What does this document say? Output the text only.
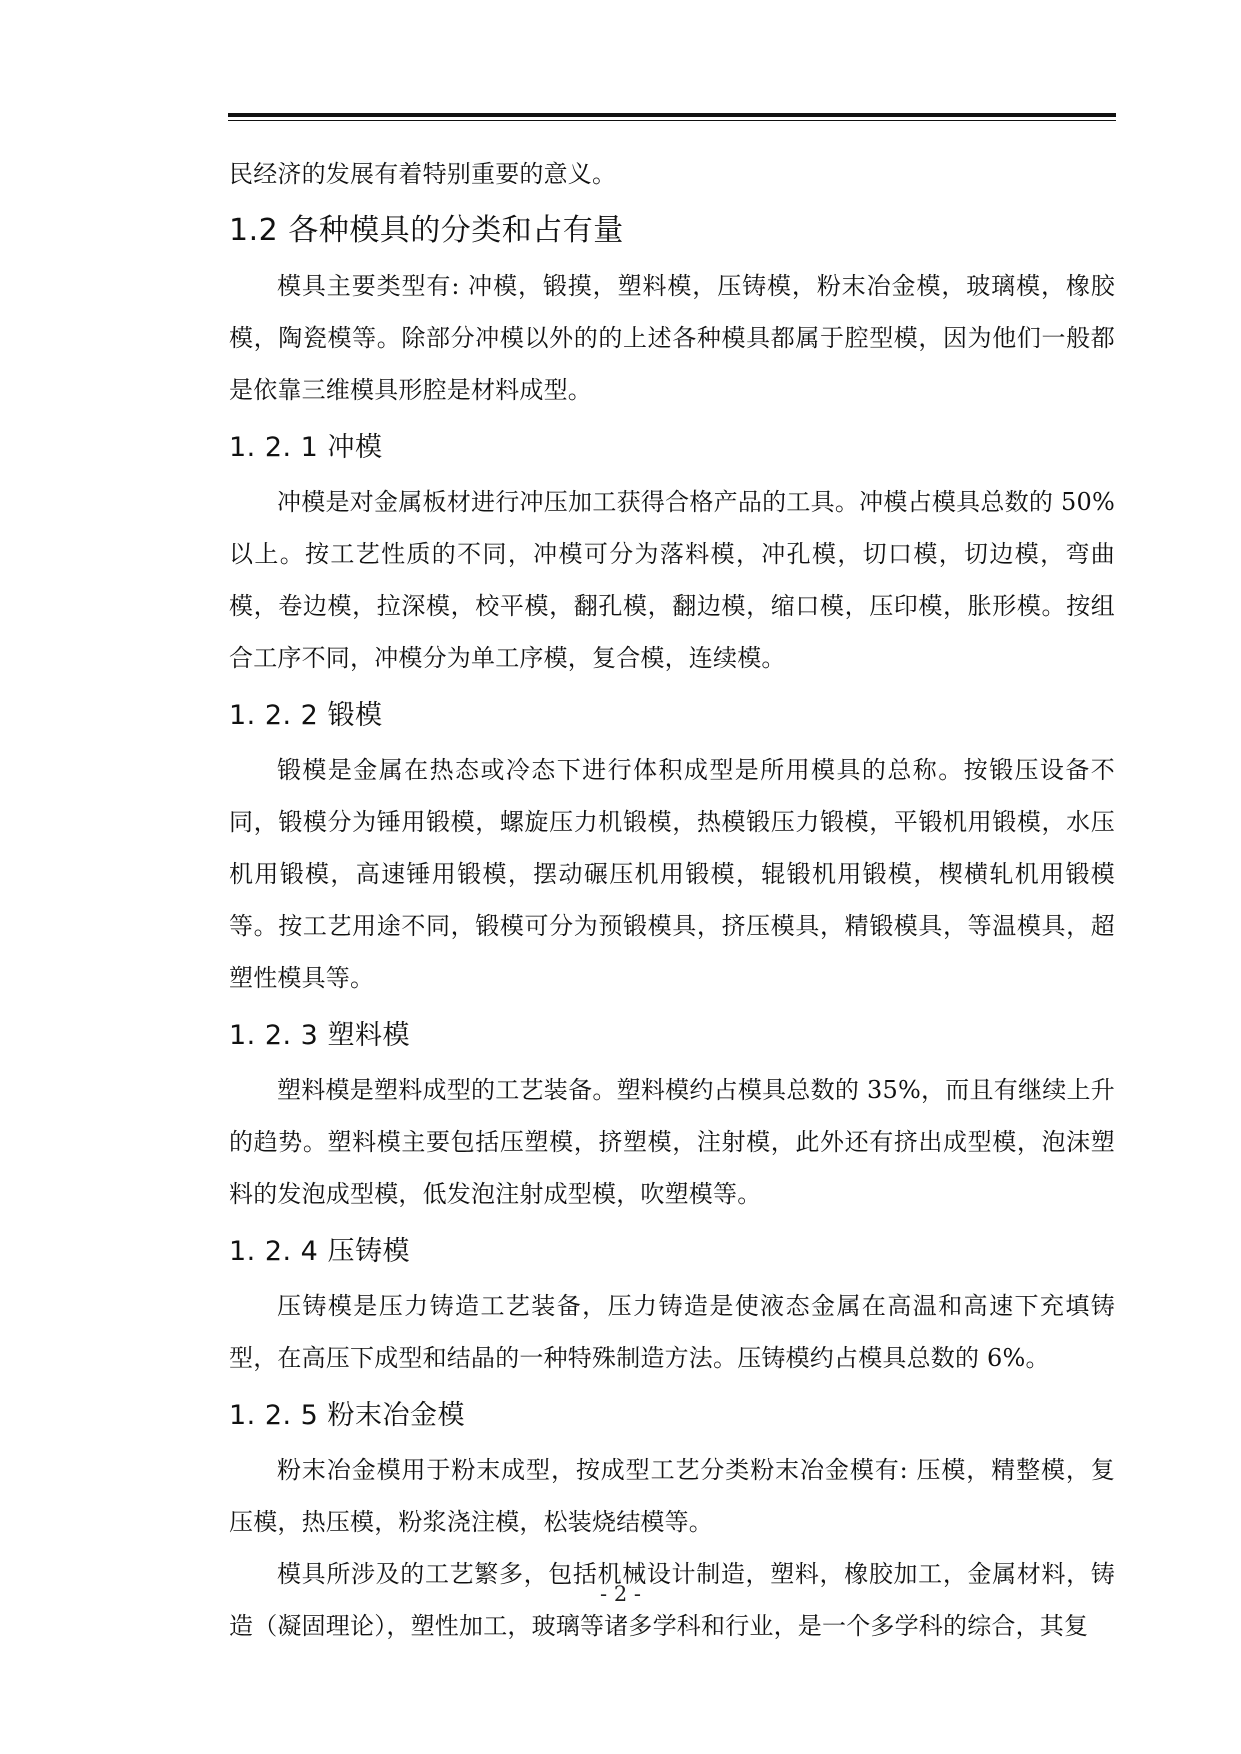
民经济的发展有着特别重要的意义。

1.2 各种模具的分类和占有量

模具主要类型有: 冲模，锻摸，塑料模，压铸模，粉末冶金模，玻璃模，橡胶模，陶瓷模等。除部分冲模以外的的上述各种模具都属于腔型模，因为他们一般都是依靠三维模具形腔是材料成型。

1. 2. 1 冲模

冲模是对金属板材进行冲压加工获得合格产品的工具。冲模占模具总数的 50%以上。按工艺性质的不同，冲模可分为落料模，冲孔模，切口模，切边模，弯曲模，卷边模，拉深模，校平模，翻孔模，翻边模，缩口模，压印模，胀形模。按组合工序不同，冲模分为单工序模，复合模，连续模。

1. 2. 2 锻模

锻模是金属在热态或冷态下进行体积成型是所用模具的总称。按锻压设备不同，锻模分为锤用锻模，螺旋压力机锻模，热模锻压力锻模，平锻机用锻模，水压机用锻模，高速锤用锻模，摆动碾压机用锻模，辊锻机用锻模，楔横轧机用锻模等。按工艺用途不同，锻模可分为预锻模具，挤压模具，精锻模具，等温模具，超塑性模具等。

1. 2. 3 塑料模

塑料模是塑料成型的工艺装备。塑料模约占模具总数的 35%，而且有继续上升的趋势。塑料模主要包括压塑模，挤塑模，注射模，此外还有挤出成型模，泡沫塑料的发泡成型模，低发泡注射成型模，吹塑模等。

1. 2. 4 压铸模

压铸模是压力铸造工艺装备，压力铸造是使液态金属在高温和高速下充填铸型，在高压下成型和结晶的一种特殊制造方法。压铸模约占模具总数的 6%。

1. 2. 5 粉末冶金模

粉末冶金模用于粉末成型，按成型工艺分类粉末冶金模有: 压模，精整模，复压模，热压模，粉浆浇注模，松装烧结模等。

模具所涉及的工艺繁多，包括机械设计制造，塑料，橡胶加工，金属材料，铸造（凝固理论），塑性加工，玻璃等诸多学科和行业，是一个多学科的综合，其复

- 2 -
